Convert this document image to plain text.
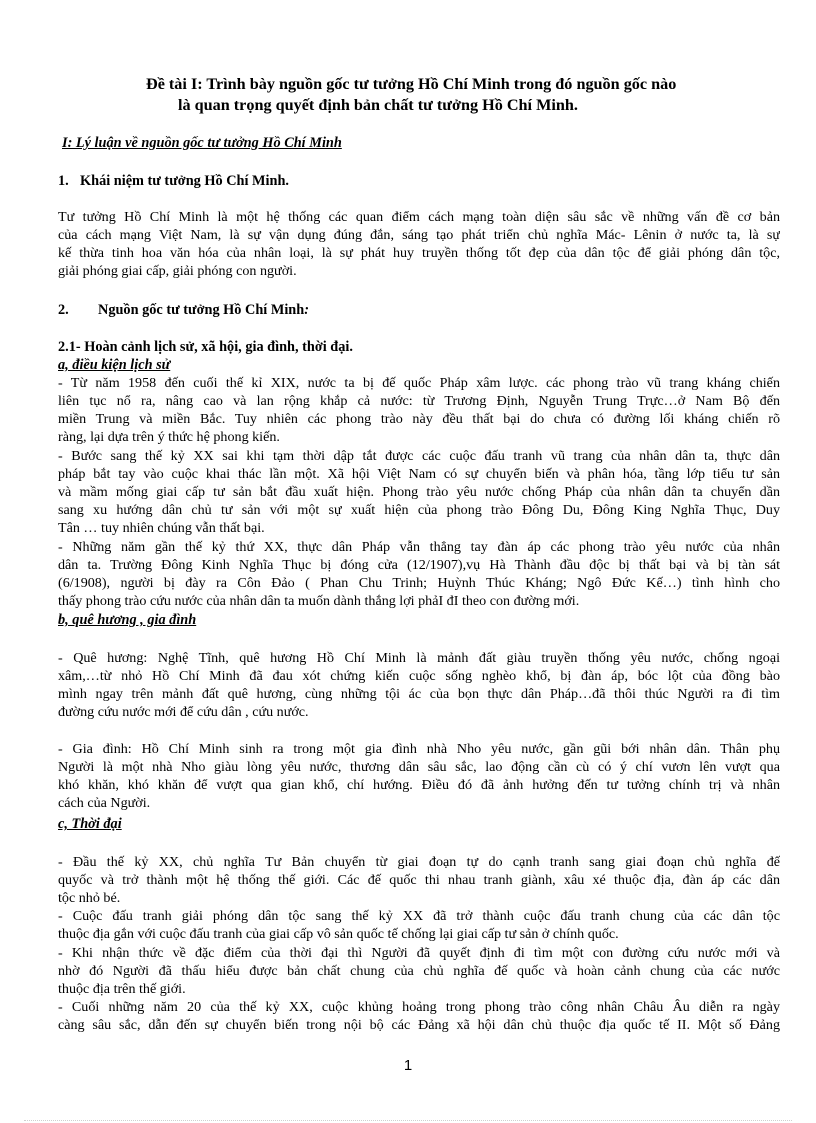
Đề tài I: Trình bày nguồn gốc tư tưởng Hồ Chí Minh trong đó nguồn gốc nào
là quan trọng quyết định bản chất tư tưởng Hồ Chí Minh.
I: Lý luận về nguồn gốc tư tưởng Hồ Chí Minh
1. Khái niệm tư tưởng Hồ Chí Minh.
Tư tưởng Hồ Chí Minh là một hệ thống các quan điểm cách mạng toàn diện sâu sắc về những vấn đề cơ bản
của cách mạng Việt Nam, là sự vận dụng đúng đắn, sáng tạo phát triển chủ nghĩa Mác- Lênin ở nước ta, là sự
kế thừa tinh hoa văn hóa của nhân loại, là sự phát huy truyền thống tốt đẹp của dân tộc để giải phóng dân tộc,
giải phóng giai cấp, giải phóng con người.
2. Nguồn gốc tư tưởng Hồ Chí Minh:
2.1- Hoàn cảnh lịch sử, xã hội, gia đình, thời đại.
a, điều kiện lịch sử
- Từ năm 1958 đến cuối thế kỉ XIX, nước ta bị đế quốc Pháp xâm lược. các phong trào vũ trang kháng chiến
liên tục nổ ra, nâng cao và lan rộng khắp cả nước: từ Trương Định, Nguyễn Trung Trực…ở Nam Bộ đến
miền Trung và miền Bắc. Tuy nhiên các phong trào này đều thất bại do chưa có đường lối kháng chiến rõ
ràng, lại dựa trên ý thức hệ phong kiến.
- Bước sang thế kỷ XX sai khi tạm thời dập tắt được các cuộc đấu tranh vũ trang của nhân dân ta, thực dân
pháp bắt tay vào cuộc khai thác lần một. Xã hội Việt Nam có sự chuyển biến và phân hóa, tầng lớp tiểu tư sản
và mầm mống giai cấp tư sản bắt đầu xuất hiện. Phong trào yêu nước chống Pháp của nhân dân ta chuyển dần
sang xu hướng dân chủ tư sản với một sự xuất hiện của phong trào Đông Du, Đông King Nghĩa Thục, Duy
Tân … tuy nhiên chúng vẫn thất bại.
- Những năm gần thế kỷ thứ XX, thực dân Pháp vẫn thẳng tay đàn áp các phong trào yêu nước của nhân
dân ta. Trường Đông Kinh Nghĩa Thục bị đóng cửa (12/1907),vụ Hà Thành đầu độc bị thất bại và bị tàn sát
(6/1908), người bị đày ra Côn Đảo ( Phan Chu Trinh; Huỳnh Thúc Kháng; Ngô Đức Kế…) tình hình cho
thấy phong trào cứu nước của nhân dân ta muốn dành thắng lợi phảI đI theo con đường mới.
b, quê hương , gia đình
- Quê hương: Nghệ Tĩnh, quê hương Hồ Chí Minh là mảnh đất giàu truyền thống yêu nước, chống ngoại
xâm,…từ nhỏ Hồ Chí Minh đã đau xót chứng kiến cuộc sống nghèo khổ, bị đàn áp, bóc lột của đồng bào
mình ngay trên mảnh đất quê hương, cùng những tội ác của bọn thực dân Pháp…đã thôi thúc Người ra đi tìm
đường cứu nước mới để cứu dân , cứu nước.
- Gia đình: Hồ Chí Minh sinh ra trong một gia đình nhà Nho yêu nước, gần gũi bới nhân dân. Thân phụ
Người là một nhà Nho giàu lòng yêu nước, thương dân sâu sắc, lao động cần cù có ý chí vươn lên vượt qua
khó khăn, khó khăn để vượt qua gian khổ, chí hướng. Điều đó đã ảnh hưởng đến tư tưởng chính trị và nhân
cách của Người.
c, Thời đại
- Đầu thế kỷ XX, chủ nghĩa Tư Bản chuyển từ giai đoạn tự do cạnh tranh sang giai đoạn chủ nghĩa đế
quyốc và trở thành một hệ thống thế giới. Các đế quốc thi nhau tranh giành, xâu xé thuộc địa, đàn áp các dân
tộc nhỏ bé.
- Cuộc đấu tranh giải phóng dân tộc sang thế kỷ XX đã trở thành cuộc đấu tranh chung của các dân tộc
thuộc địa gắn với cuộc đấu tranh của giai cấp vô sản quốc tế chống lại giai cấp tư sản ở chính quốc.
- Khi nhận thức về đặc điểm của thời đại thì Người đã quyết định đi tìm một con đường cứu nước mới và
nhờ đó Người đã thấu hiểu được bản chất chung của chủ nghĩa đế quốc và hoàn cảnh chung của các nước
thuộc địa trên thế giới.
- Cuối những năm 20 của thế kỷ XX, cuộc khủng hoảng trong phong trào công nhân Châu Âu diễn ra ngày
càng sâu sắc, dẫn đến sự chuyển biến trong nội bộ các Đảng xã hội dân chủ thuộc địa quốc tế II. Một số Đảng
1
